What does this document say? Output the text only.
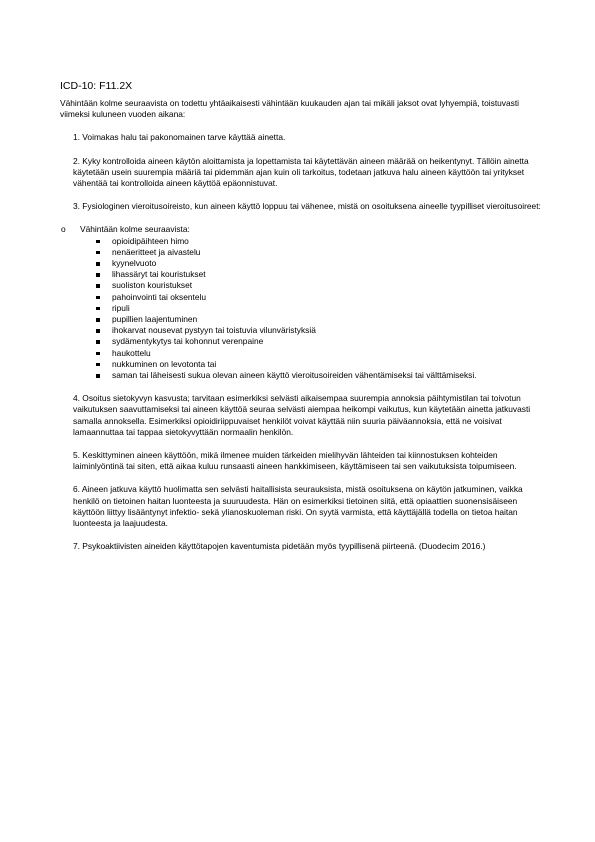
ICD-10: F11.2X

Vähintään kolme seuraavista on todettu yhtäaikaisesti vähintään kuukauden ajan tai mikäli jaksot ovat lyhyempiä, toistuvasti viimeksi kuluneen vuoden aikana:

1. Voimakas halu tai pakonomainen tarve käyttää ainetta.

2. Kyky kontrolloida aineen käytön aloittamista ja lopettamista tai käytettävän aineen määrää on heikentynyt. Tällöin ainetta käytetään usein suurempia määriä tai pidemmän ajan kuin oli tarkoitus, todetaan jatkuva halu aineen käyttöön tai yritykset vähentää tai kontrolloida aineen käyttöä epäonnistuvat.

3. Fysiologinen vieroitusoireisto, kun aineen käyttö loppuu tai vähenee, mistä on osoituksena aineelle tyypilliset vieroitusoireet:

o Vähintään kolme seuraavista:
opioidipäihteen himo
nenäeritteet ja aivastelu
kyynelvuoto
lihassäryt tai kouristukset
suoliston kouristukset
pahoinvointi tai oksentelu
ripuli
pupillien laajentuminen
ihokarvat nousevat pystyyn tai toistuvia vilunväristyksiä
sydämentykytys tai kohonnut verenpaine
haukottelu
nukkuminen on levotonta tai
saman tai läheisesti sukua olevan aineen käyttö vieroitusoireiden vähentämiseksi tai välttämiseksi.

4. Osoitus sietokyvyn kasvusta; tarvitaan esimerkiksi selvästi aikaisempaa suurempia annoksia päihtymistilan tai toivotun vaikutuksen saavuttamiseksi tai aineen käyttöä seuraa selvästi aiempaa heikompi vaikutus, kun käytetään ainetta jatkuvasti samalla annoksella. Esimerkiksi opioidiriippuvaiset henkilöt voivat käyttää niin suuria päiväannoksia, että ne voisivat lamaannuttaa tai tappaa sietokyvyttään normaalin henkilön.

5. Keskittyminen aineen käyttöön, mikä ilmenee muiden tärkeiden mielihyvän lähteiden tai kiinnostuksen kohteiden laiminlyöntinä tai siten, että aikaa kuluu runsaasti aineen hankkimiseen, käyttämiseen tai sen vaikutuksista toipumiseen.

6. Aineen jatkuva käyttö huolimatta sen selvästi haitallisista seurauksista, mistä osoituksena on käytön jatkuminen, vaikka henkilö on tietoinen haitan luonteesta ja suuruudesta. Hän on esimerkiksi tietoinen siitä, että opiaattien suonensisäiseen käyttöön liittyy lisääntynyt infektio- sekä ylianoskuoleman riski. On syytä varmista, että käyttäjällä todella on tietoa haitan luonteesta ja laajuudesta.

7. Psykoaktiivisten aineiden käyttötapojen kaventumista pidetään myös tyypillisenä piirteenä. (Duodecim 2016.)
